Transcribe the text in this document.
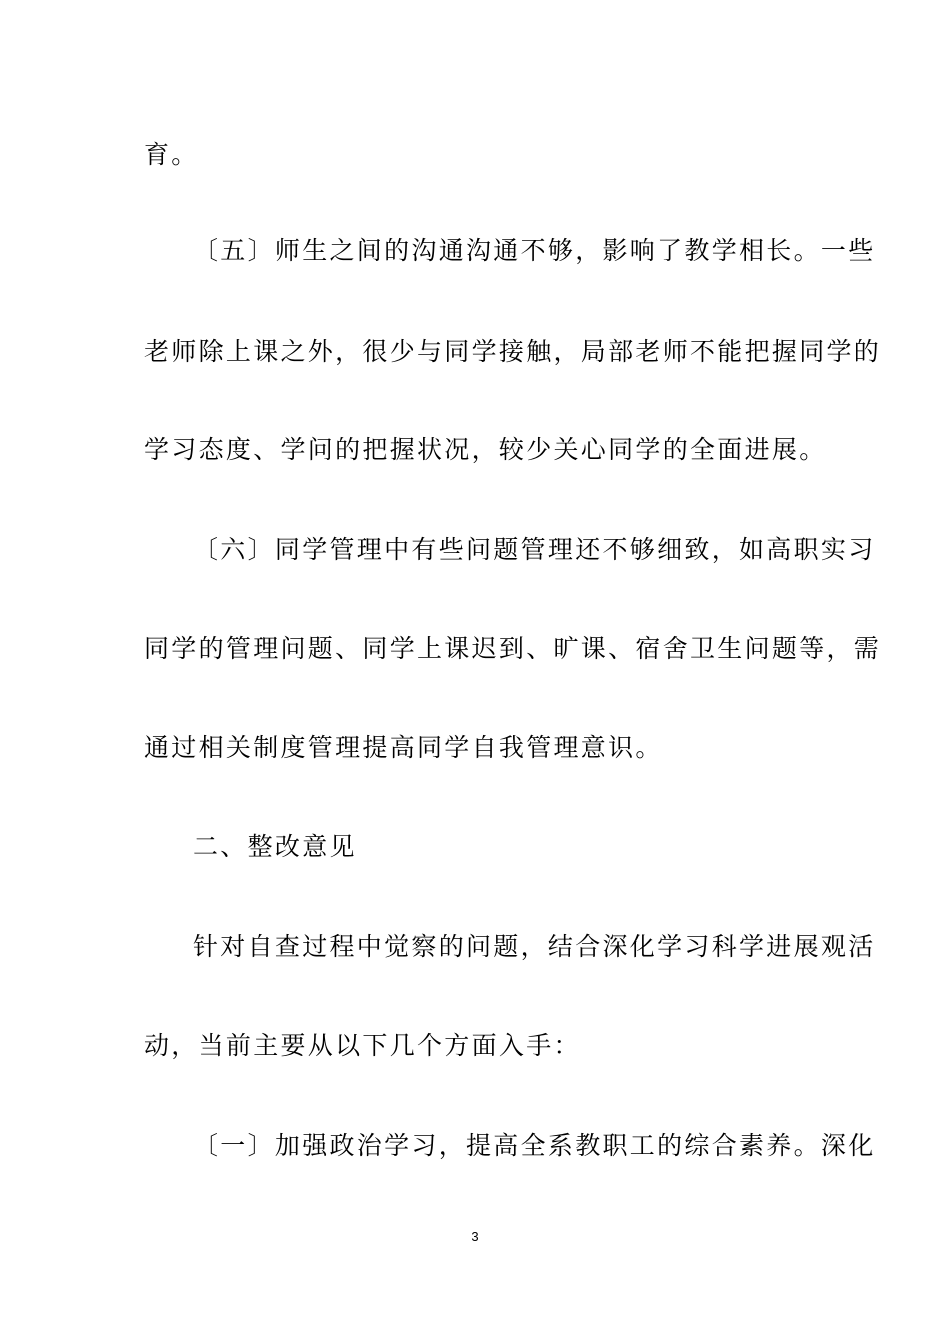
育。
〔五〕师生之间的沟通沟通不够，影响了教学相长。一些
老师除上课之外，很少与同学接触，局部老师不能把握同学的
学习态度、学问的把握状况，较少关心同学的全面进展。
〔六〕同学管理中有些问题管理还不够细致，如高职实习
同学的管理问题、同学上课迟到、旷课、宿舍卫生问题等，需
通过相关制度管理提高同学自我管理意识。
二、整改意见
针对自查过程中觉察的问题，结合深化学习科学进展观活
动，当前主要从以下几个方面入手：
〔一〕加强政治学习，提高全系教职工的综合素养。深化
3
